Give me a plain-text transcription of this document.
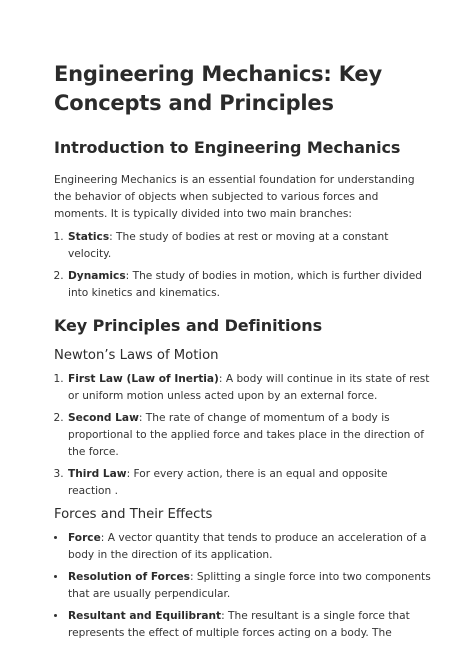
Engineering Mechanics: Key Concepts and Principles
Introduction to Engineering Mechanics

Engineering Mechanics is an essential foundation for understanding the behavior of objects when subjected to various forces and moments. It is typically divided into two main branches:

1. Statics: The study of bodies at rest or moving at a constant velocity.
2. Dynamics: The study of bodies in motion, which is further divided into kinetics and kinematics.
Key Principles and Definitions
Newton’s Laws of Motion
1. First Law (Law of Inertia): A body will continue in its state of rest or uniform motion unless acted upon by an external force.
2. Second Law: The rate of change of momentum of a body is proportional to the applied force and takes place in the direction of the force.
3. Third Law: For every action, there is an equal and opposite reaction .
Forces and Their Effects
• Force: A vector quantity that tends to produce an acceleration of a body in the direction of its application.
• Resolution of Forces: Splitting a single force into two components that are usually perpendicular.
• Resultant and Equilibrant: The resultant is a single force that represents the effect of multiple forces acting on a body. The
